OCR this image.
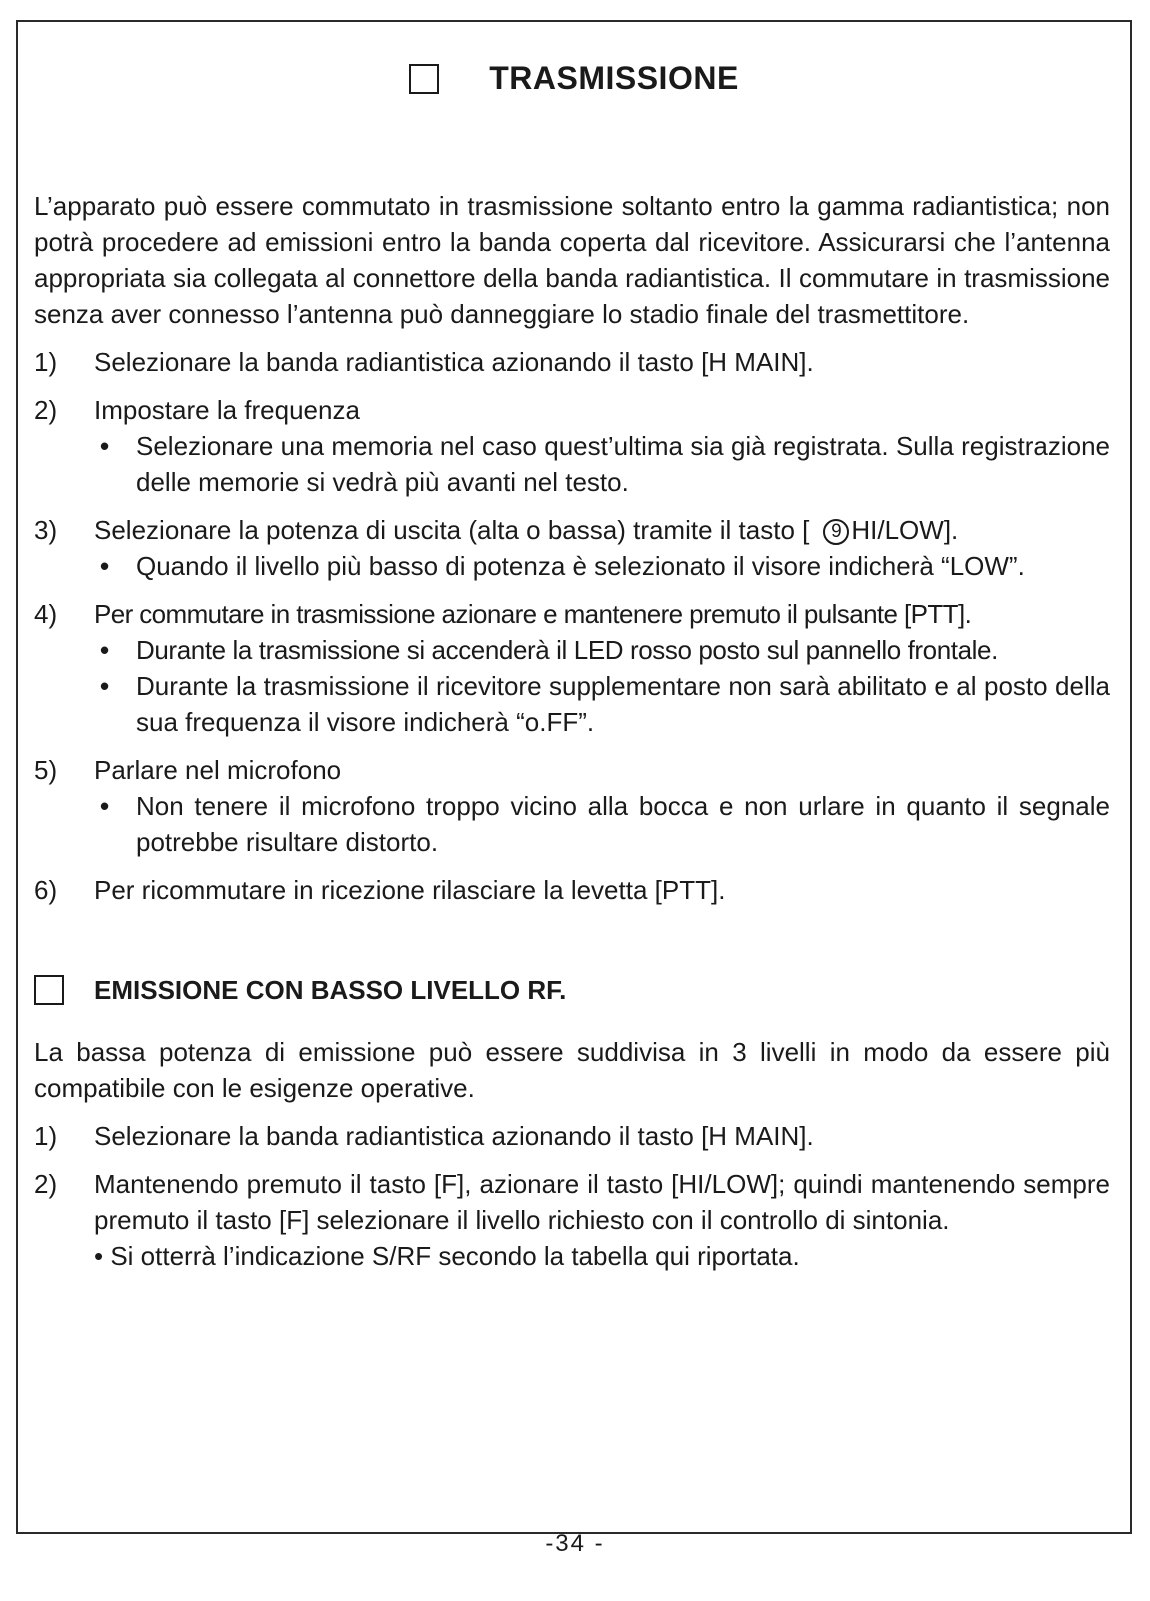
TRASMISSIONE

L’apparato può essere commutato in trasmissione soltanto entro la gamma radiantistica; non potrà procedere ad emissioni entro la banda coperta dal ricevitore. Assicurarsi che l’antenna appropriata sia collegata al connettore della banda radiantistica. Il commutare in trasmissione senza aver connesso l’antenna può danneggiare lo stadio finale del trasmettitore.

1)	Selezionare la banda radiantistica azionando il tasto [H MAIN].

2)	Impostare la frequenza

•	Selezionare una memoria nel caso quest’ultima sia già registrata. Sulla registrazione delle memorie si vedrà più avanti nel testo.
3)	Selezionare la potenza di uscita (alta o bassa) tramite il tasto [ 9 HI/LOW].

•	Quando il livello più basso di potenza è selezionato il visore indicherà “LOW”.
4)	Per commutare in trasmissione azionare e mantenere premuto il pulsante [PTT].

•	Durante la trasmissione si accenderà il LED rosso posto sul pannello frontale.
•	Durante la trasmissione il ricevitore supplementare non sarà abilitato e al posto della sua frequenza il visore indicherà “o.FF”.
5)	Parlare nel microfono

•	Non tenere il microfono troppo vicino alla bocca e non urlare in quanto il segnale potrebbe risultare distorto.
6)	Per ricommutare in ricezione rilasciare la levetta [PTT].

EMISSIONE CON BASSO LIVELLO RF.

La bassa potenza di emissione può essere suddivisa in 3 livelli in modo da essere più compatibile con le esigenze operative.

1)	Selezionare la banda radiantistica azionando il tasto [H MAIN].

2)	Mantenendo premuto il tasto [F], azionare il tasto [HI/LOW]; quindi mantenendo sempre premuto il tasto [F] selezionare il livello richiesto con il controllo di sintonia.

• Si otterrà l’indicazione S/RF secondo la tabella qui riportata.

-34 -
